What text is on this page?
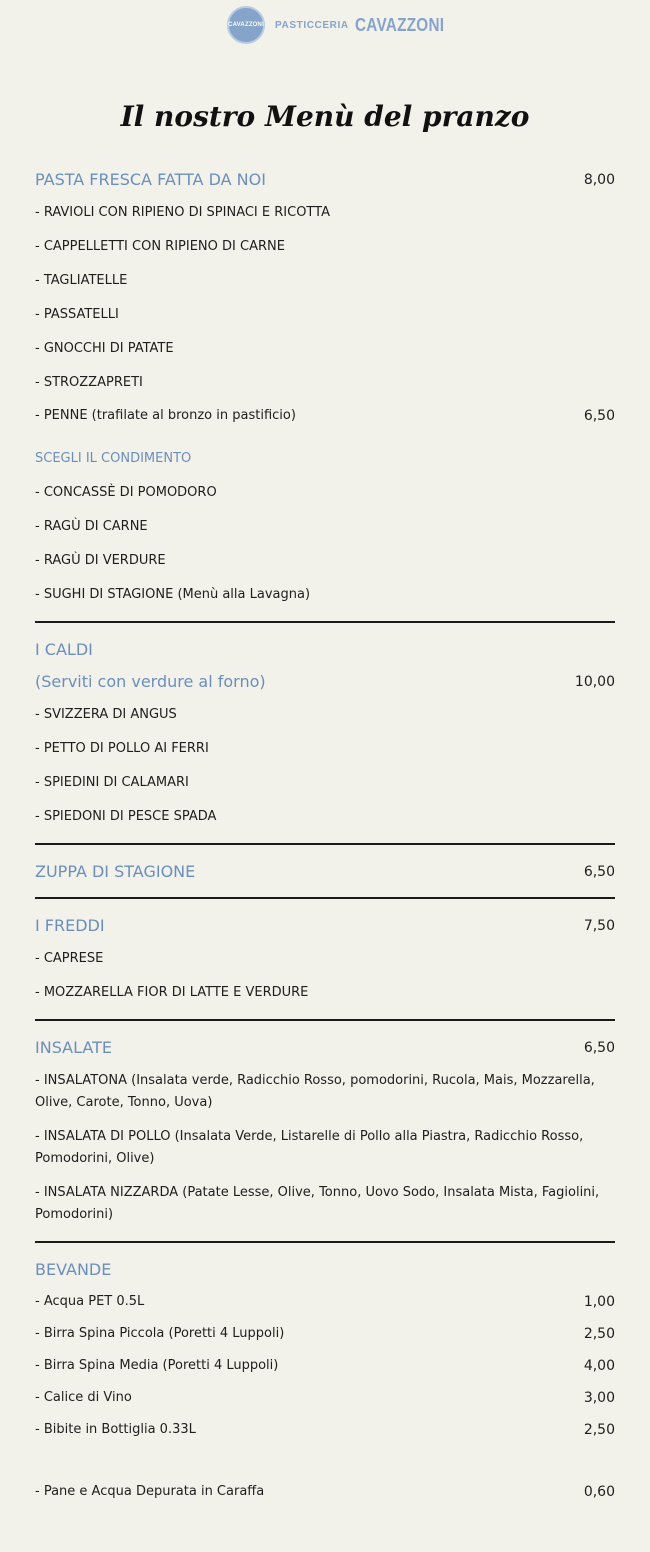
CAVAZZONI PASTICCERIA CAVAZZONI
Il nostro Menù del pranzo
PASTA FRESCA FATTA DA NOI	8,00
- RAVIOLI CON RIPIENO DI SPINACI E RICOTTA
- CAPPELLETTI CON RIPIENO DI CARNE
- TAGLIATELLE
- PASSATELLI
- GNOCCHI DI PATATE
- STROZZAPRETI
- PENNE (trafilate al bronzo in pastificio)	6,50
SCEGLI IL CONDIMENTO
- CONCASSÈ DI POMODORO
- RAGÙ DI CARNE
- RAGÙ DI VERDURE
- SUGHI DI STAGIONE (Menù alla Lavagna)
I CALDI
(Serviti con verdure al forno)	10,00
- SVIZZERA DI ANGUS
- PETTO DI POLLO AI FERRI
- SPIEDINI DI CALAMARI
- SPIEDONI DI PESCE SPADA
ZUPPA DI STAGIONE	6,50
I FREDDI	7,50
- CAPRESE
- MOZZARELLA FIOR DI LATTE E VERDURE
INSALATE	6,50
- INSALATONA (Insalata verde, Radicchio Rosso, pomodorini, Rucola, Mais, Mozzarella, Olive, Carote, Tonno, Uova)
- INSALATA DI POLLO (Insalata Verde, Listarelle di Pollo alla Piastra, Radicchio Rosso, Pomodorini, Olive)
- INSALATA NIZZARDA (Patate Lesse, Olive, Tonno, Uovo Sodo, Insalata Mista, Fagiolini, Pomodorini)
BEVANDE
- Acqua PET 0.5L	1,00
- Birra Spina Piccola (Poretti 4 Luppoli)	2,50
- Birra Spina Media (Poretti 4 Luppoli)	4,00
- Calice di Vino	3,00
- Bibite in Bottiglia 0.33L	2,50
- Pane e Acqua Depurata in Caraffa	0,60
